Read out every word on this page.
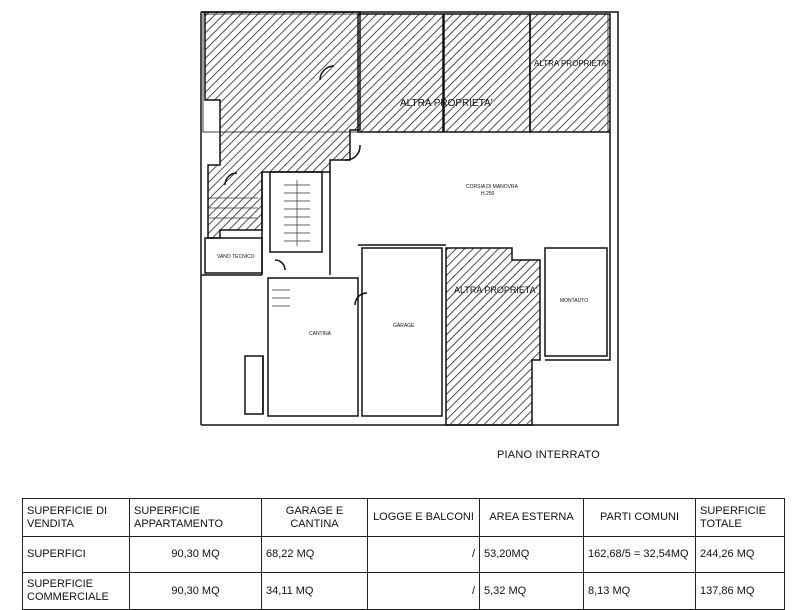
ALTRA PROPRIETA'
ALTRA PROPRIETA'
ALTRA PROPRIETA'
CORSIA DI MANOVRA
H.250
VANO TECNICO
MONTAUTO
CANTINA
GARAGE
PIANO INTERRATO
SUPERFICIE DI VENDITA	SUPERFICIE APPARTAMENTO	GARAGE E CANTINA	LOGGE E BALCONI	AREA ESTERNA	PARTI COMUNI	SUPERFICIE TOTALE
SUPERFICI	90,30 MQ	68,22 MQ	/	53,20MQ	162,68/5 = 32,54MQ	244,26 MQ
SUPERFICIE COMMERCIALE	90,30 MQ	34,11 MQ	/	5,32 MQ	8,13 MQ	137,86 MQ
